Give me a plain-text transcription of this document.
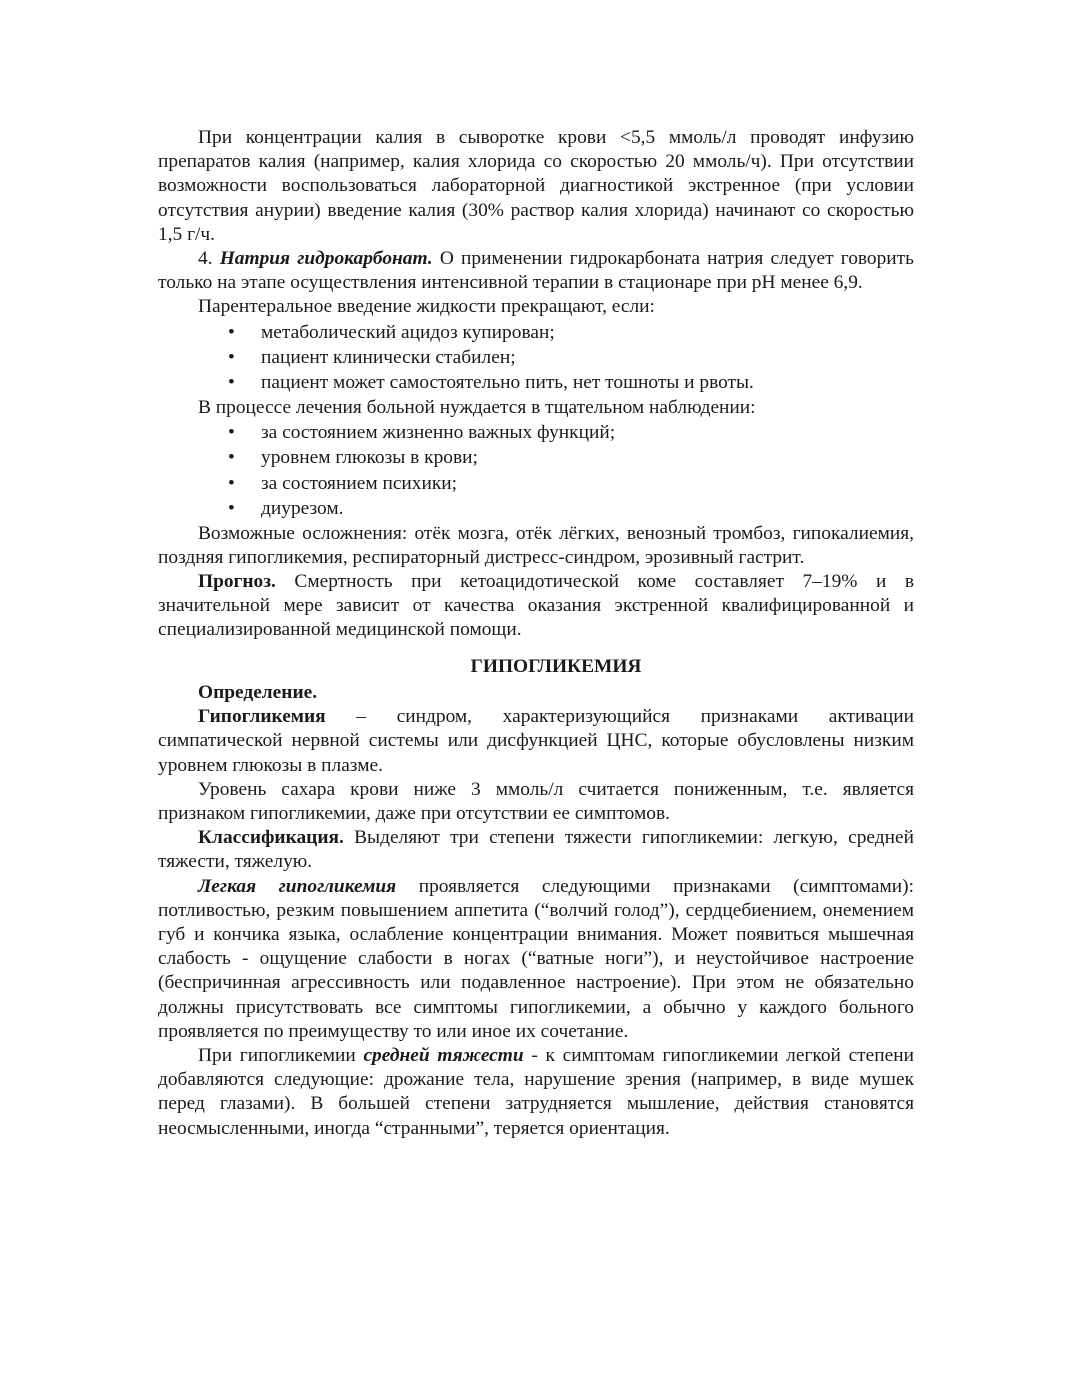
При концентрации калия в сыворотке крови <5,5 ммоль/л проводят инфузию препаратов калия (например, калия хлорида со скоростью 20 ммоль/ч). При отсутствии возможности воспользоваться лабораторной диагностикой экстренное (при условии отсутствия анурии) введение калия (30% раствор калия хлорида) начинают со скоростью 1,5 г/ч.

4. Натрия гидрокарбонат. О применении гидрокарбоната натрия следует говорить только на этапе осуществления интенсивной терапии в стационаре при pH менее 6,9.

Парентеральное введение жидкости прекращают, если:

• метаболический ацидоз купирован;
• пациент клинически стабилен;
• пациент может самостоятельно пить, нет тошноты и рвоты.

В процессе лечения больной нуждается в тщательном наблюдении:

• за состоянием жизненно важных функций;
• уровнем глюкозы в крови;
• за состоянием психики;
• диурезом.

Возможные осложнения: отёк мозга, отёк лёгких, венозный тромбоз, гипокалиемия, поздняя гипогликемия, респираторный дистресс-синдром, эрозивный гастрит.

Прогноз. Смертность при кетоацидотической коме составляет 7–19% и в значительной мере зависит от качества оказания экстренной квалифицированной и специализированной медицинской помощи.

ГИПОГЛИКЕМИЯ

Определение.

Гипогликемия – синдром, характеризующийся признаками активации симпатической нервной системы или дисфункцией ЦНС, которые обусловлены низким уровнем глюкозы в плазме.

Уровень сахара крови ниже 3 ммоль/л считается пониженным, т.е. является признаком гипогликемии, даже при отсутствии ее симптомов.

Классификация. Выделяют три степени тяжести гипогликемии: легкую, средней тяжести, тяжелую.

Легкая гипогликемия проявляется следующими признаками (симптомами): потливостью, резким повышением аппетита (“волчий голод”), сердцебиением, онемением губ и кончика языка, ослабление концентрации внимания. Может появиться мышечная слабость - ощущение слабости в ногах (“ватные ноги”), и неустойчивое настроение (беспричинная агрессивность или подавленное настроение). При этом не обязательно должны присутствовать все симптомы гипогликемии, а обычно у каждого больного проявляется по преимуществу то или иное их сочетание.

При гипогликемии средней тяжести - к симптомам гипогликемии легкой степени добавляются следующие: дрожание тела, нарушение зрения (например, в виде мушек перед глазами). В большей степени затрудняется мышление, действия становятся неосмысленными, иногда “странными”, теряется ориентация.
